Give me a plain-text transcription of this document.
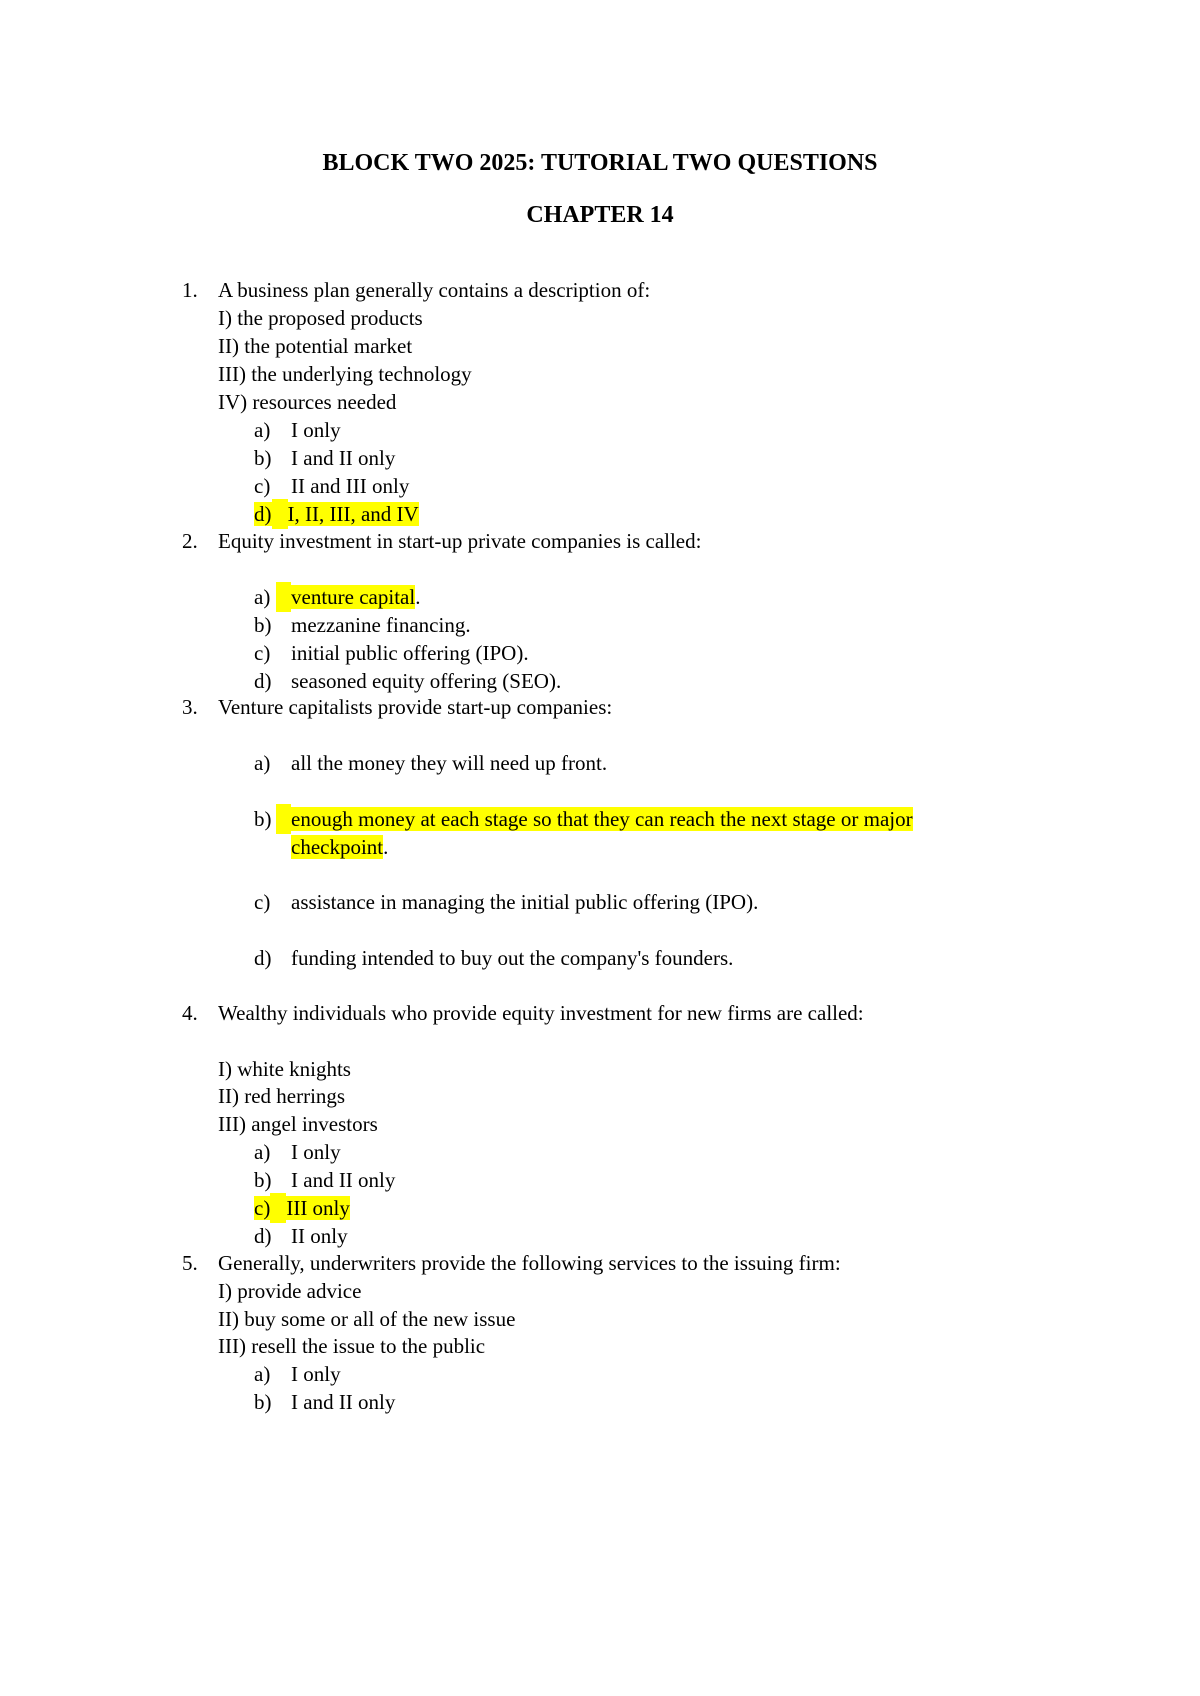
BLOCK TWO 2025: TUTORIAL TWO QUESTIONS
CHAPTER 14
1. A business plan generally contains a description of:
I) the proposed products
II) the potential market
III) the underlying technology
IV) resources needed
a) I only
b) I and II only
c) II and III only
d) I, II, III, and IV
2. Equity investment in start-up private companies is called:
a) venture capital.
b) mezzanine financing.
c) initial public offering (IPO).
d) seasoned equity offering (SEO).
3. Venture capitalists provide start-up companies:
a) all the money they will need up front.
b) enough money at each stage so that they can reach the next stage or major
checkpoint.
c) assistance in managing the initial public offering (IPO).
d) funding intended to buy out the company's founders.
4. Wealthy individuals who provide equity investment for new firms are called:
I) white knights
II) red herrings
III) angel investors
a) I only
b) I and II only
c) III only
d) II only
5. Generally, underwriters provide the following services to the issuing firm:
I) provide advice
II) buy some or all of the new issue
III) resell the issue to the public
a) I only
b) I and II only
